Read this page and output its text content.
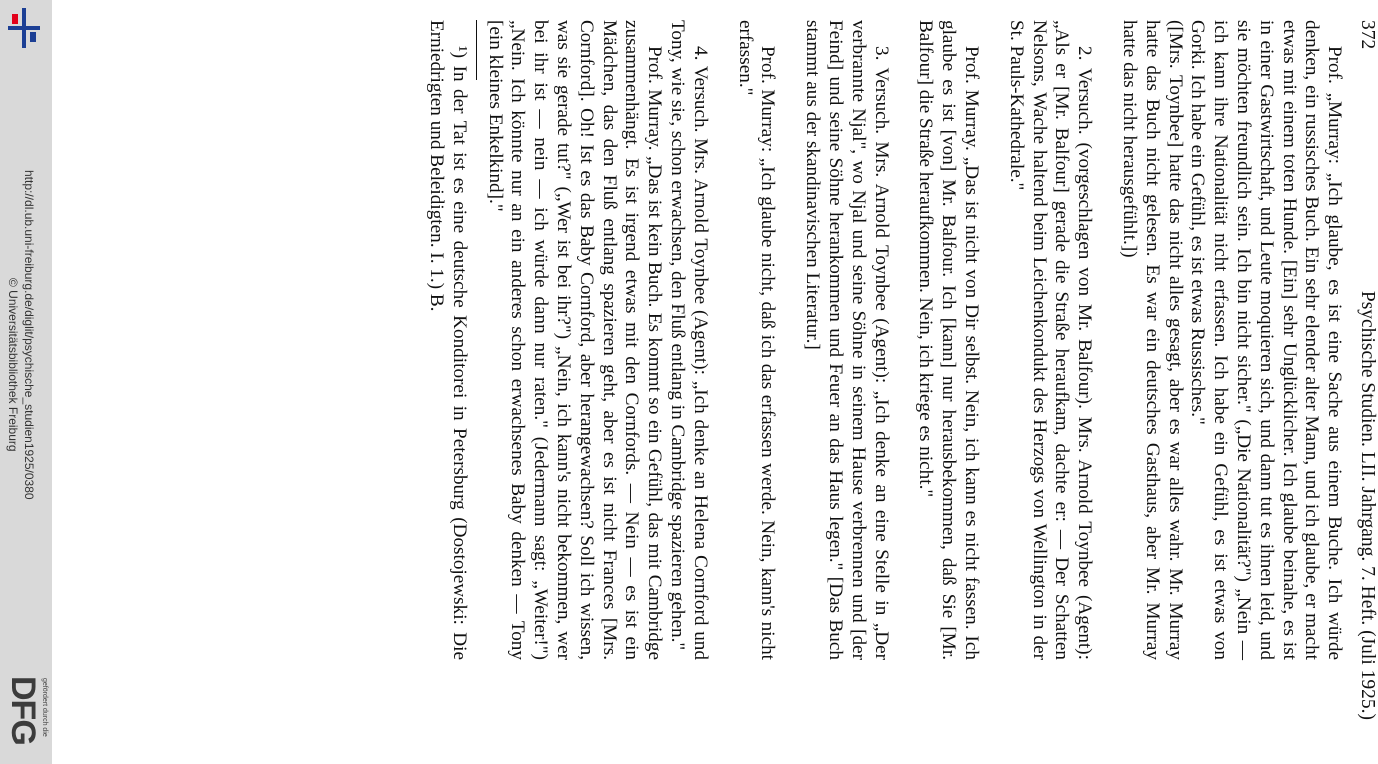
http://dl.ub.uni-freiburg.de/diglit/psychische_studien1925/0380
© Universitätsbibliothek Freiburg
gefördert durch die
DFG
372
Psychische Studien. LII. Jahrgang. 7. Heft. (Juli 1925.)

Prof. „Murray: „Ich glaube, es ist eine Sache aus einem Buche. Ich würde denken, ein russisches Buch. Ein sehr elender alter Mann, und ich glaube, er macht etwas mit einem toten Hunde. [Ein] sehr Unglücklicher. Ich glaube beinahe, es ist in einer Gastwirtschaft, und Leute moquieren sich, und dann tut es ihnen leid, und sie möchten freundlich sein. Ich bin nicht sicher." („Die Nationalität?") „Nein — ich kann ihre Nationalität nicht erfassen. Ich habe ein Gefühl, es ist etwas von Gorki. Ich habe ein Gefühl, es ist etwas Russisches."

([Mrs. Toynbee] hatte das nicht alles gesagt, aber es war alles wahr. Mr. Murray hatte das Buch nicht gelesen. Es war ein deutsches Gasthaus, aber Mr. Murray hatte das nicht herausgefühlt.])

2. Versuch. (vorgeschlagen von Mr. Balfour). Mrs. Arnold Toynbee (Agent): „Als er [Mr. Balfour] gerade die Straße heraufkam, dachte er: — Der Schatten Nelsons, Wache haltend beim Leichenkondukt des Herzogs von Wellington in der St. Pauls-Kathedrale."

Prof. Murray. „Das ist nicht von Dir selbst. Nein, ich kann es nicht fassen. Ich glaube es ist [von] Mr. Balfour. Ich [kann] nur herausbekommen, daß Sie [Mr. Balfour] die Straße heraufkommen. Nein, ich kriege es nicht."

3. Versuch. Mrs. Arnold Toynbee (Agent): „Ich denke an eine Stelle in „Der verbrannte Njal", wo Njal und seine Söhne in seinem Hause verbrennen und [der Feind] und seine Söhne herankommen und Feuer an das Haus legen." [Das Buch stammt aus der skandinavischen Literatur.]

Prof. Murray: „Ich glaube nicht, daß ich das erfassen werde. Nein, kann's nicht erfassen."

4. Versuch. Mrs. Arnold Toynbee (Agent): „Ich denke an Helena Cornford und Tony, wie sie, schon erwachsen, den Fluß entlang in Cambridge spazieren gehen."

Prof. Murray. „Das ist kein Buch. Es kommt so ein Gefühl, das mit Cambridge zusammenhängt. Es ist irgend etwas mit den Cornfords. — Nein — es ist ein Mädchen, das den Fluß entlang spazieren geht, aber es ist nicht Frances [Mrs. Cornford]. Oh! Ist es das Baby Cornford, aber herangewachsen? Soll ich wissen, was sie gerade tut?" („Wer ist bei ihr?") „Nein, ich kann's nicht bekommen, wer bei ihr ist — nein — ich würde dann nur raten." (Jedermann sagt: „Weiter!") „Nein. Ich könnte nur an ein anderes schon erwachsenes Baby denken — Tony [ein kleines Enkelkind]."

¹) In der Tat ist es eine deutsche Konditorei in Petersburg (Dostojewski: Die Erniedrigten und Beleidigten. I. 1.) B.
